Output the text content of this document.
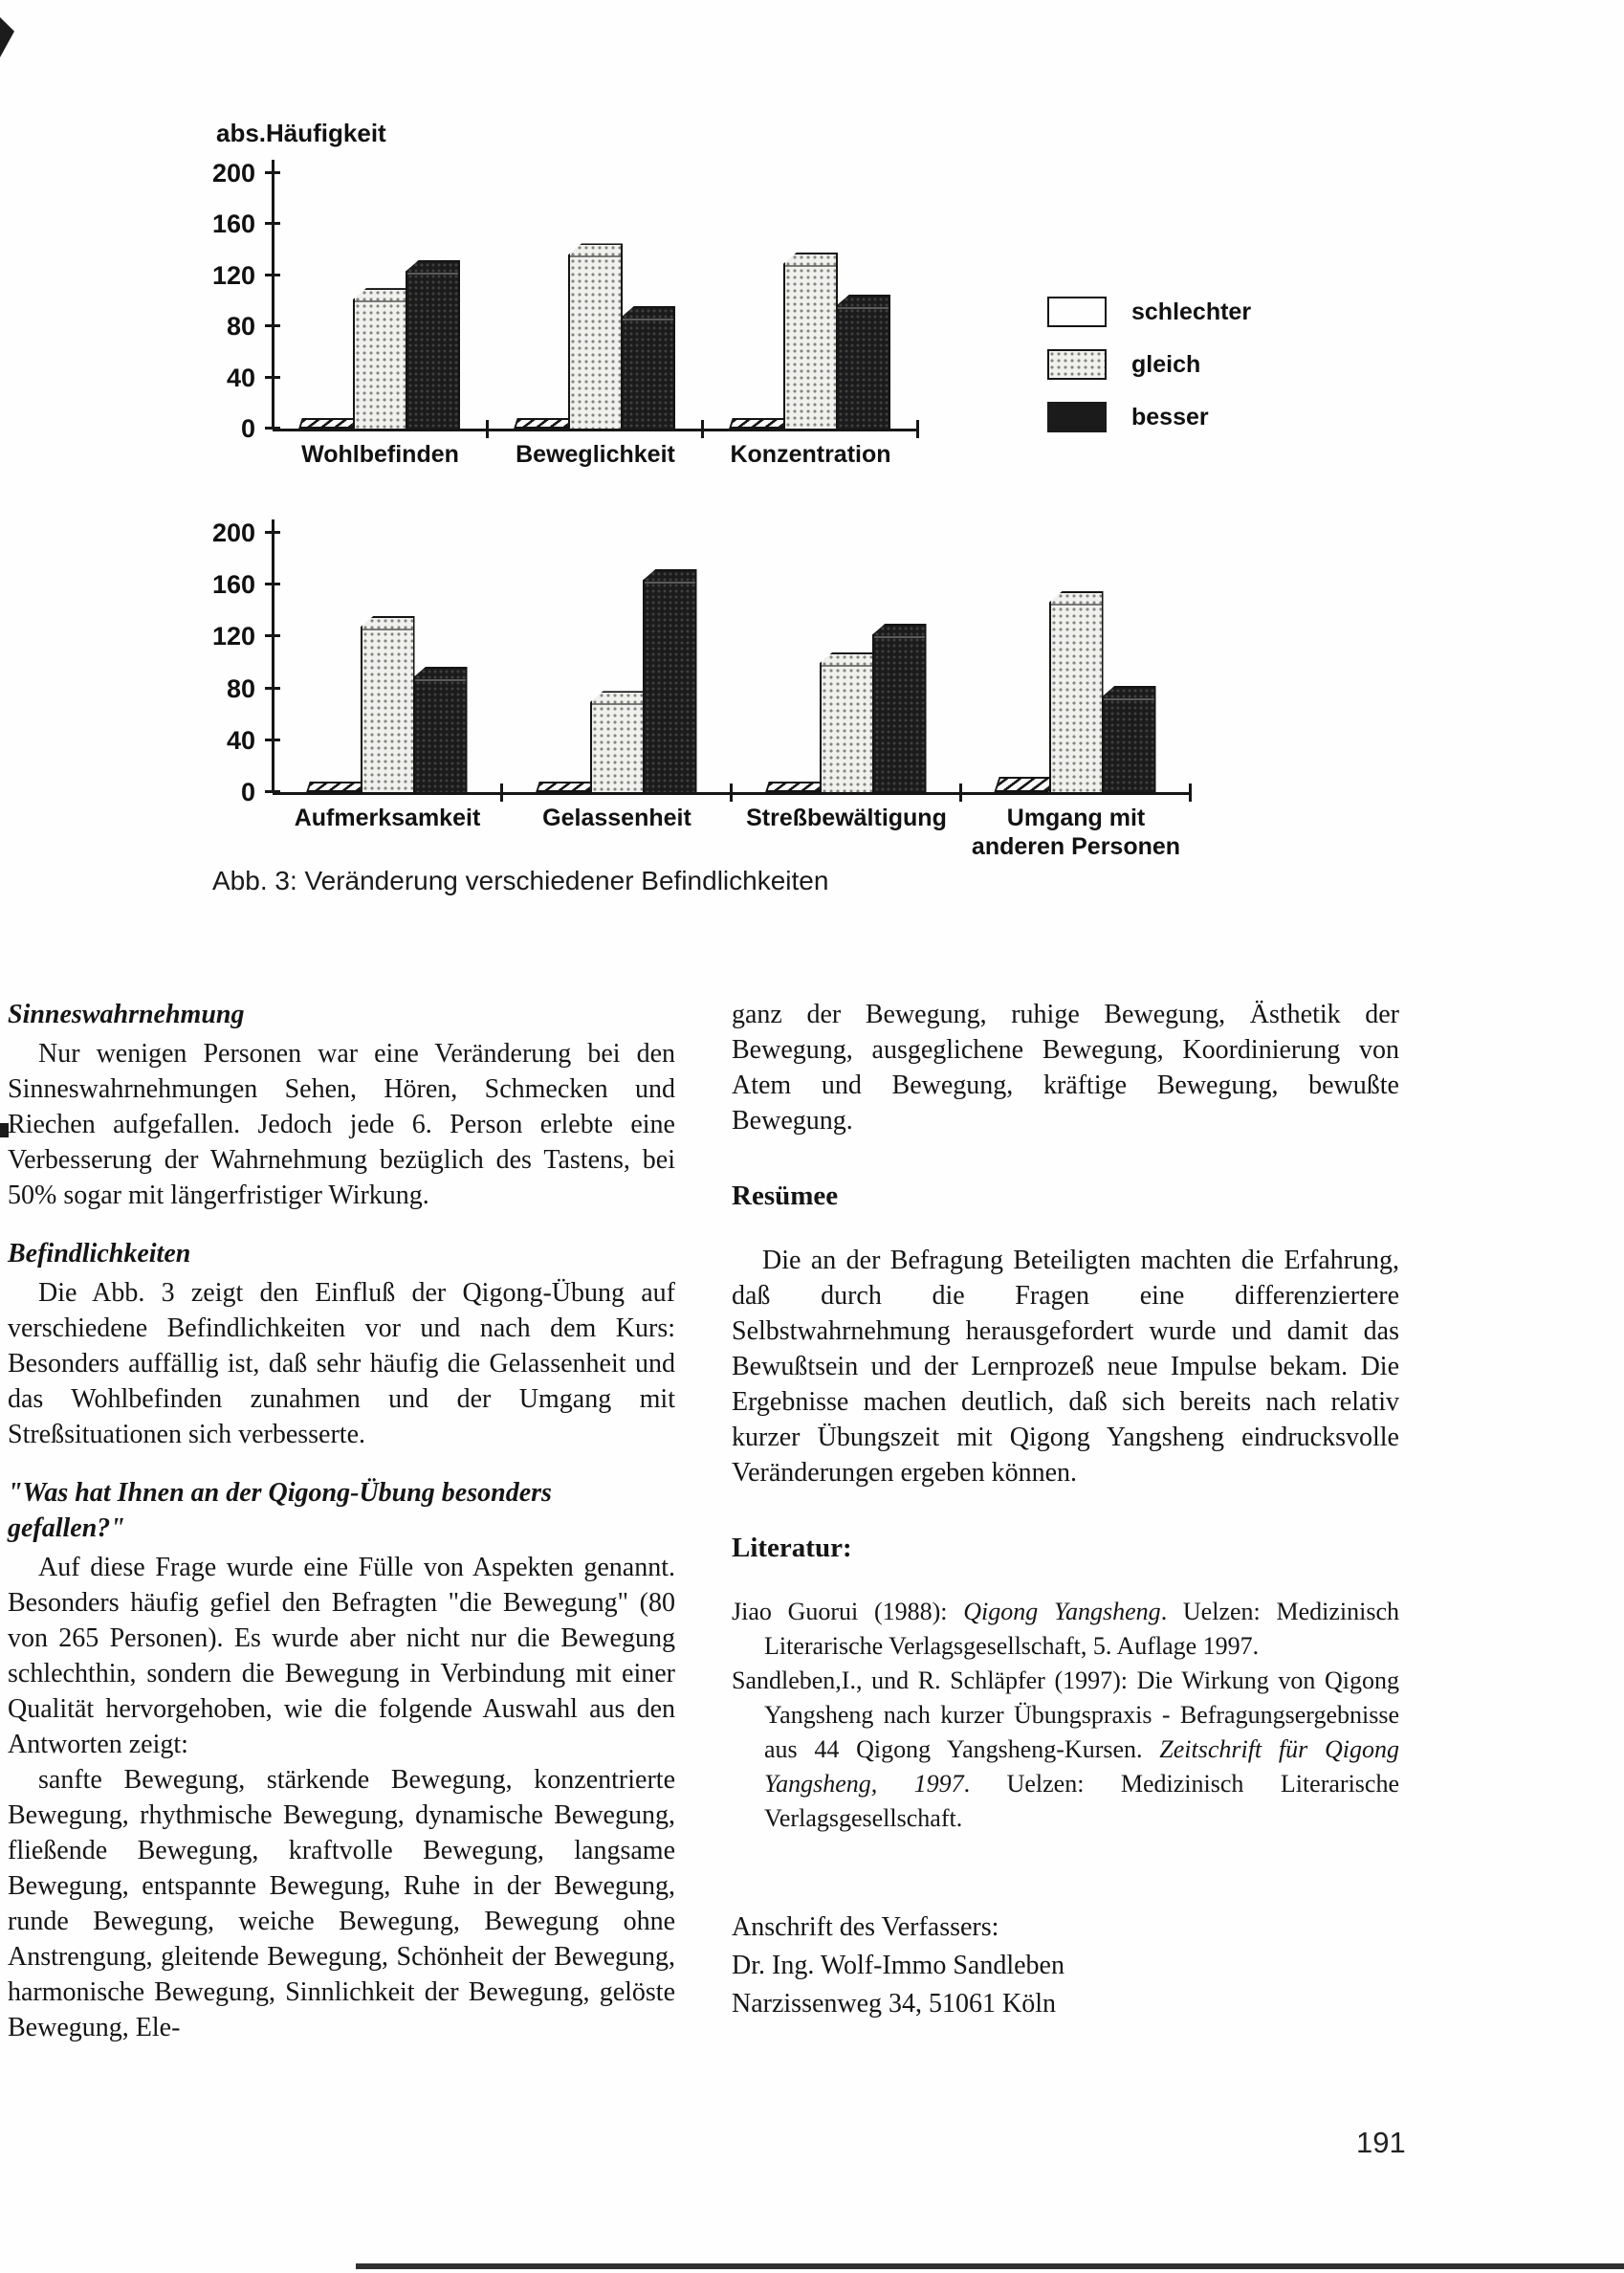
abs.Häufigkeit
Wohlbefinden	Beweglichkeit	Konzentration
0
40
80
120
160
200
schlechter
gleich
besser
Aufmerksamkeit	Gelassenheit	Streßbewältigung	Umgang mit
anderen Personen
0
40
80
120
160
200
Abb. 3: Veränderung verschiedener Befindlichkeiten
Sinneswahrnehmung

Nur wenigen Personen war eine Veränderung bei den Sinneswahrnehmungen Sehen, Hören, Schmecken und Riechen aufgefallen. Jedoch jede 6. Person erlebte eine Verbesserung der Wahrnehmung bezüglich des Tastens, bei 50% sogar mit längerfristiger Wirkung.

Befindlichkeiten

Die Abb. 3 zeigt den Einfluß der Qigong-Übung auf verschiedene Befindlichkeiten vor und nach dem Kurs: Besonders auffällig ist, daß sehr häufig die Gelassenheit und das Wohlbefinden zunahmen und der Umgang mit Streßsituationen sich verbesserte.

"Was hat Ihnen an der Qigong-Übung besonders gefallen?"

Auf diese Frage wurde eine Fülle von Aspekten genannt. Besonders häufig gefiel den Befragten "die Bewegung" (80 von 265 Personen). Es wurde aber nicht nur die Bewegung schlechthin, sondern die Bewegung in Verbindung mit einer Qualität hervorgehoben, wie die folgende Auswahl aus den Antworten zeigt:

sanfte Bewegung, stärkende Bewegung, konzentrierte Bewegung, rhythmische Bewegung, dynamische Bewegung, fließende Bewegung, kraftvolle Bewegung, langsame Bewegung, entspannte Bewegung, Ruhe in der Bewegung, runde Bewegung, weiche Bewegung, Bewegung ohne Anstrengung, gleitende Bewegung, Schönheit der Bewegung, harmonische Bewegung, Sinnlichkeit der Bewegung, gelöste Bewegung, Ele-

ganz der Bewegung, ruhige Bewegung, Ästhetik der Bewegung, ausgeglichene Bewegung, Koordinierung von Atem und Bewegung, kräftige Bewegung, bewußte Bewegung.

Resümee

Die an der Befragung Beteiligten machten die Erfahrung, daß durch die Fragen eine differenziertere Selbstwahrnehmung herausgefordert wurde und damit das Bewußtsein und der Lernprozeß neue Impulse bekam. Die Ergebnisse machen deutlich, daß sich bereits nach relativ kurzer Übungszeit mit Qigong Yangsheng eindrucksvolle Veränderungen ergeben können.

Literatur:

Jiao Guorui (1988): Qigong Yangsheng. Uelzen: Medizinisch Literarische Verlagsgesellschaft, 5. Auflage 1997.

Sandleben,I., und R. Schläpfer (1997): Die Wirkung von Qigong Yangsheng nach kurzer Übungspraxis - Befragungsergebnisse aus 44 Qigong Yangsheng-Kursen. Zeitschrift für Qigong Yangsheng, 1997. Uelzen: Medizinisch Literarische Verlagsgesellschaft.

Anschrift des Verfassers:
Dr. Ing. Wolf-Immo Sandleben
Narzissenweg 34, 51061 Köln
191
